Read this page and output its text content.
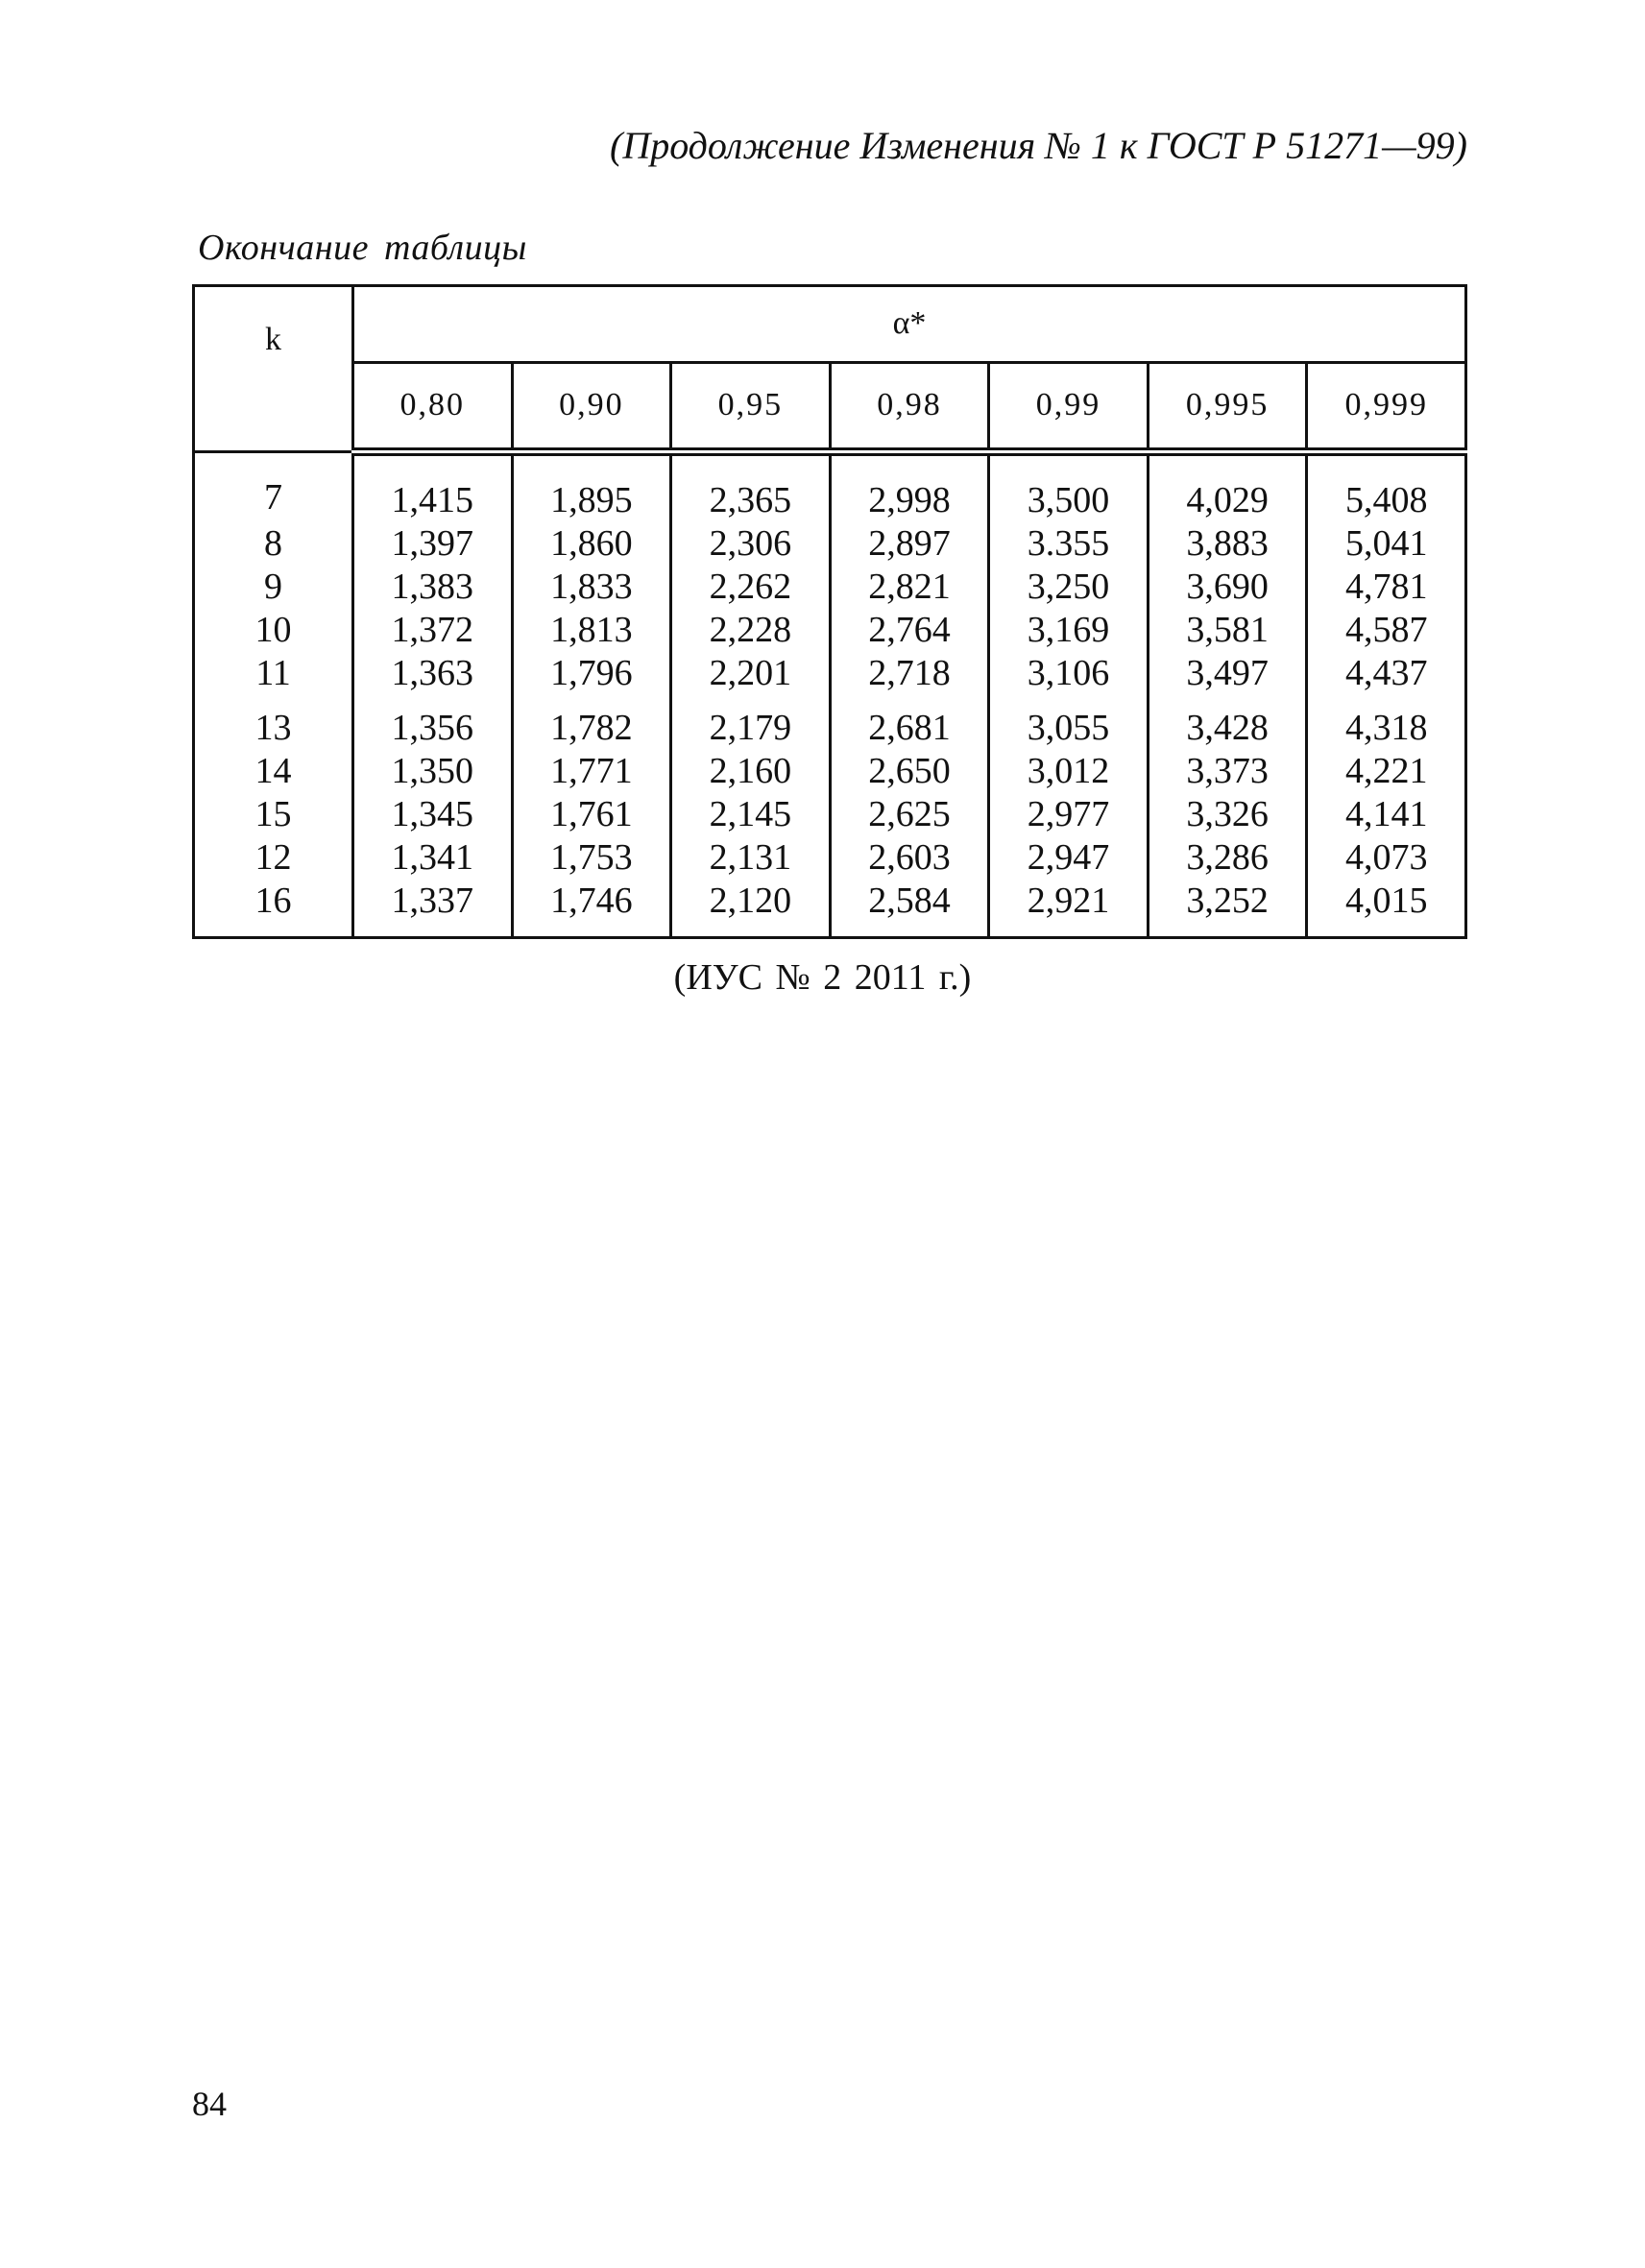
(Продолжение Изменения № 1 к ГОСТ Р 51271—99)
Окончание таблицы
k	α*						
	0,80	0,90	0,95	0,98	0,99	0,995	0,999
7	1,415	1,895	2,365	2,998	3,500	4,029	5,408
8	1,397	1,860	2,306	2,897	3.355	3,883	5,041
9	1,383	1,833	2,262	2,821	3,250	3,690	4,781
10	1,372	1,813	2,228	2,764	3,169	3,581	4,587
11	1,363	1,796	2,201	2,718	3,106	3,497	4,437
13	1,356	1,782	2,179	2,681	3,055	3,428	4,318
14	1,350	1,771	2,160	2,650	3,012	3,373	4,221
15	1,345	1,761	2,145	2,625	2,977	3,326	4,141
12	1,341	1,753	2,131	2,603	2,947	3,286	4,073
16	1,337	1,746	2,120	2,584	2,921	3,252	4,015
(ИУС № 2 2011 г.)
84
